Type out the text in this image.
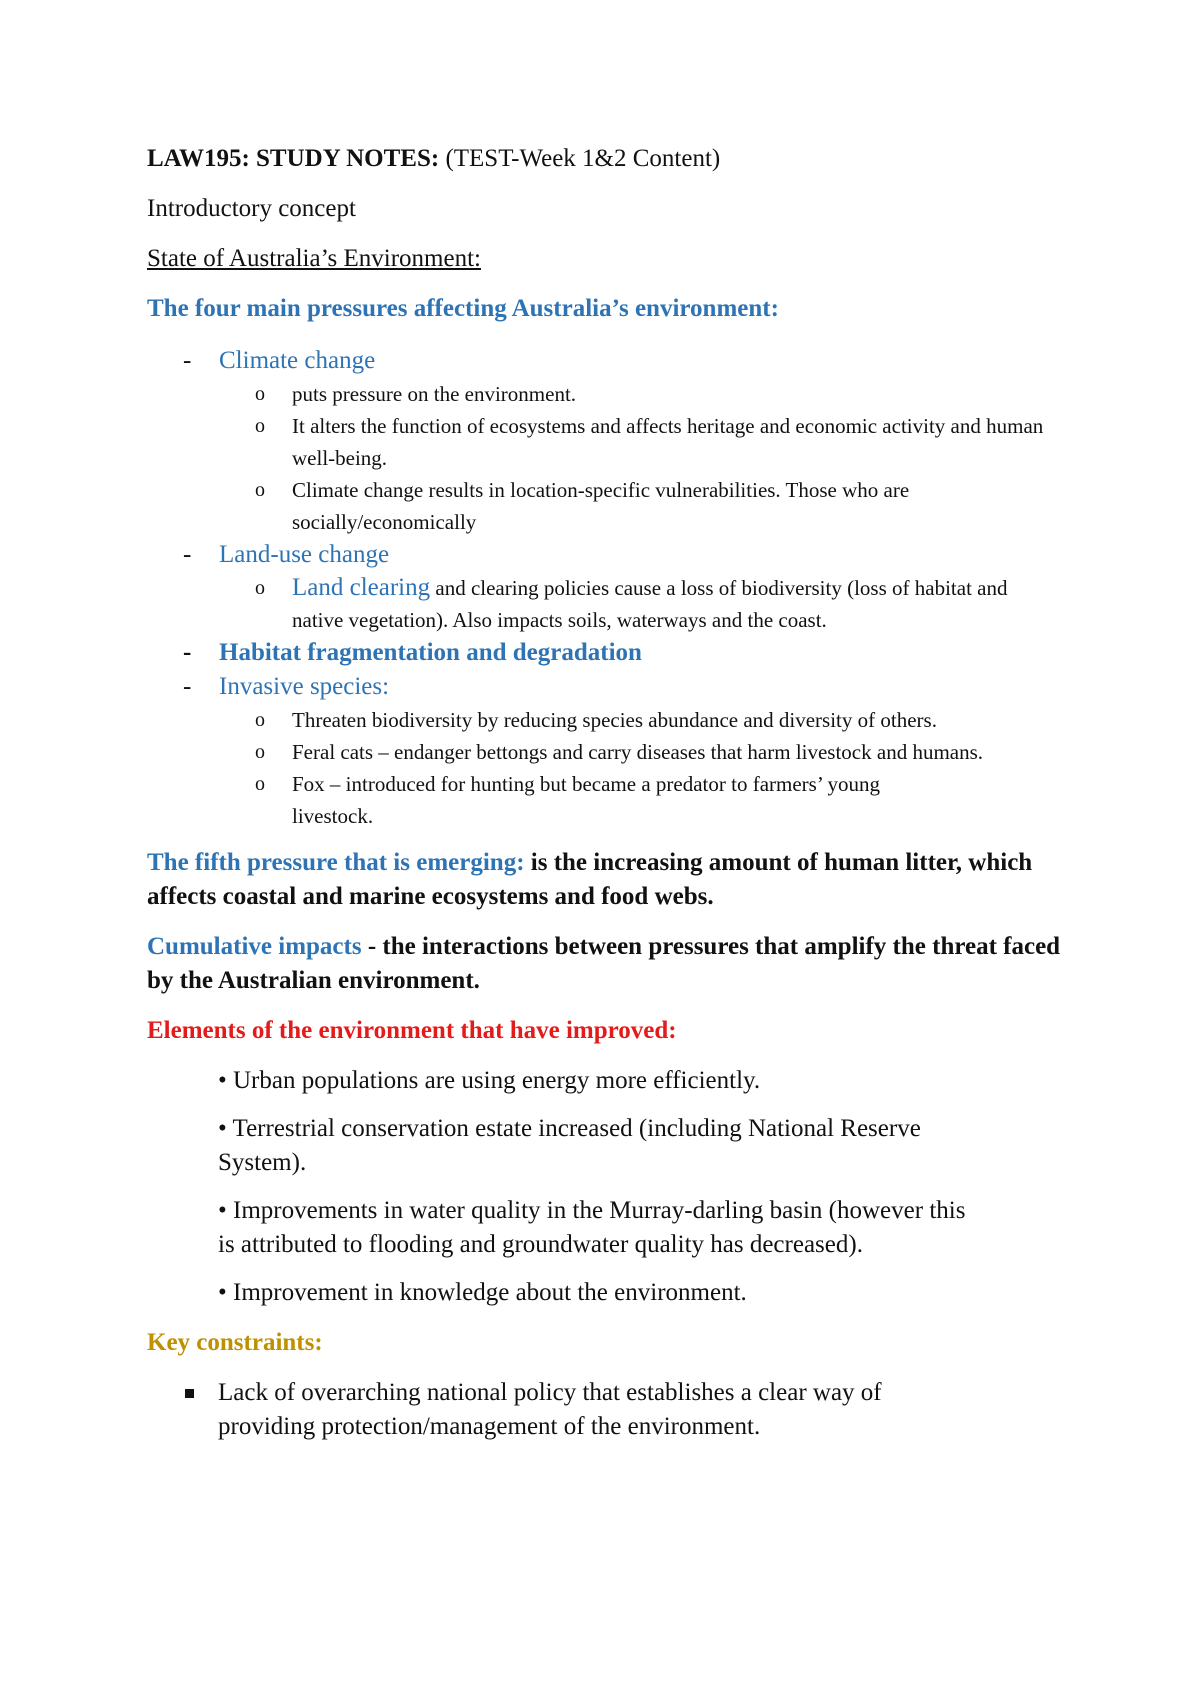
LAW195: STUDY NOTES: (TEST-Week 1&2 Content)

Introductory concept

State of Australia’s Environment:

The four main pressures affecting Australia’s environment:

- Climate change
o puts pressure on the environment.
o It alters the function of ecosystems and affects heritage and economic activity and human well-being.
o Climate change results in location-specific vulnerabilities. Those who are socially/economically
- Land-use change
o Land clearing and clearing policies cause a loss of biodiversity (loss of habitat and native vegetation). Also impacts soils, waterways and the coast.
- Habitat fragmentation and degradation
- Invasive species:
o Threaten biodiversity by reducing species abundance and diversity of others.
o Feral cats – endanger bettongs and carry diseases that harm livestock and humans.
o Fox – introduced for hunting but became a predator to farmers’ young livestock.

The fifth pressure that is emerging: is the increasing amount of human litter, which affects coastal and marine ecosystems and food webs.

Cumulative impacts - the interactions between pressures that amplify the threat faced by the Australian environment.

Elements of the environment that have improved:

• Urban populations are using energy more efficiently.

• Terrestrial conservation estate increased (including National Reserve System).

• Improvements in water quality in the Murray-darling basin (however this is attributed to flooding and groundwater quality has decreased).

• Improvement in knowledge about the environment.

Key constraints:

Lack of overarching national policy that establishes a clear way of providing protection/management of the environment.
